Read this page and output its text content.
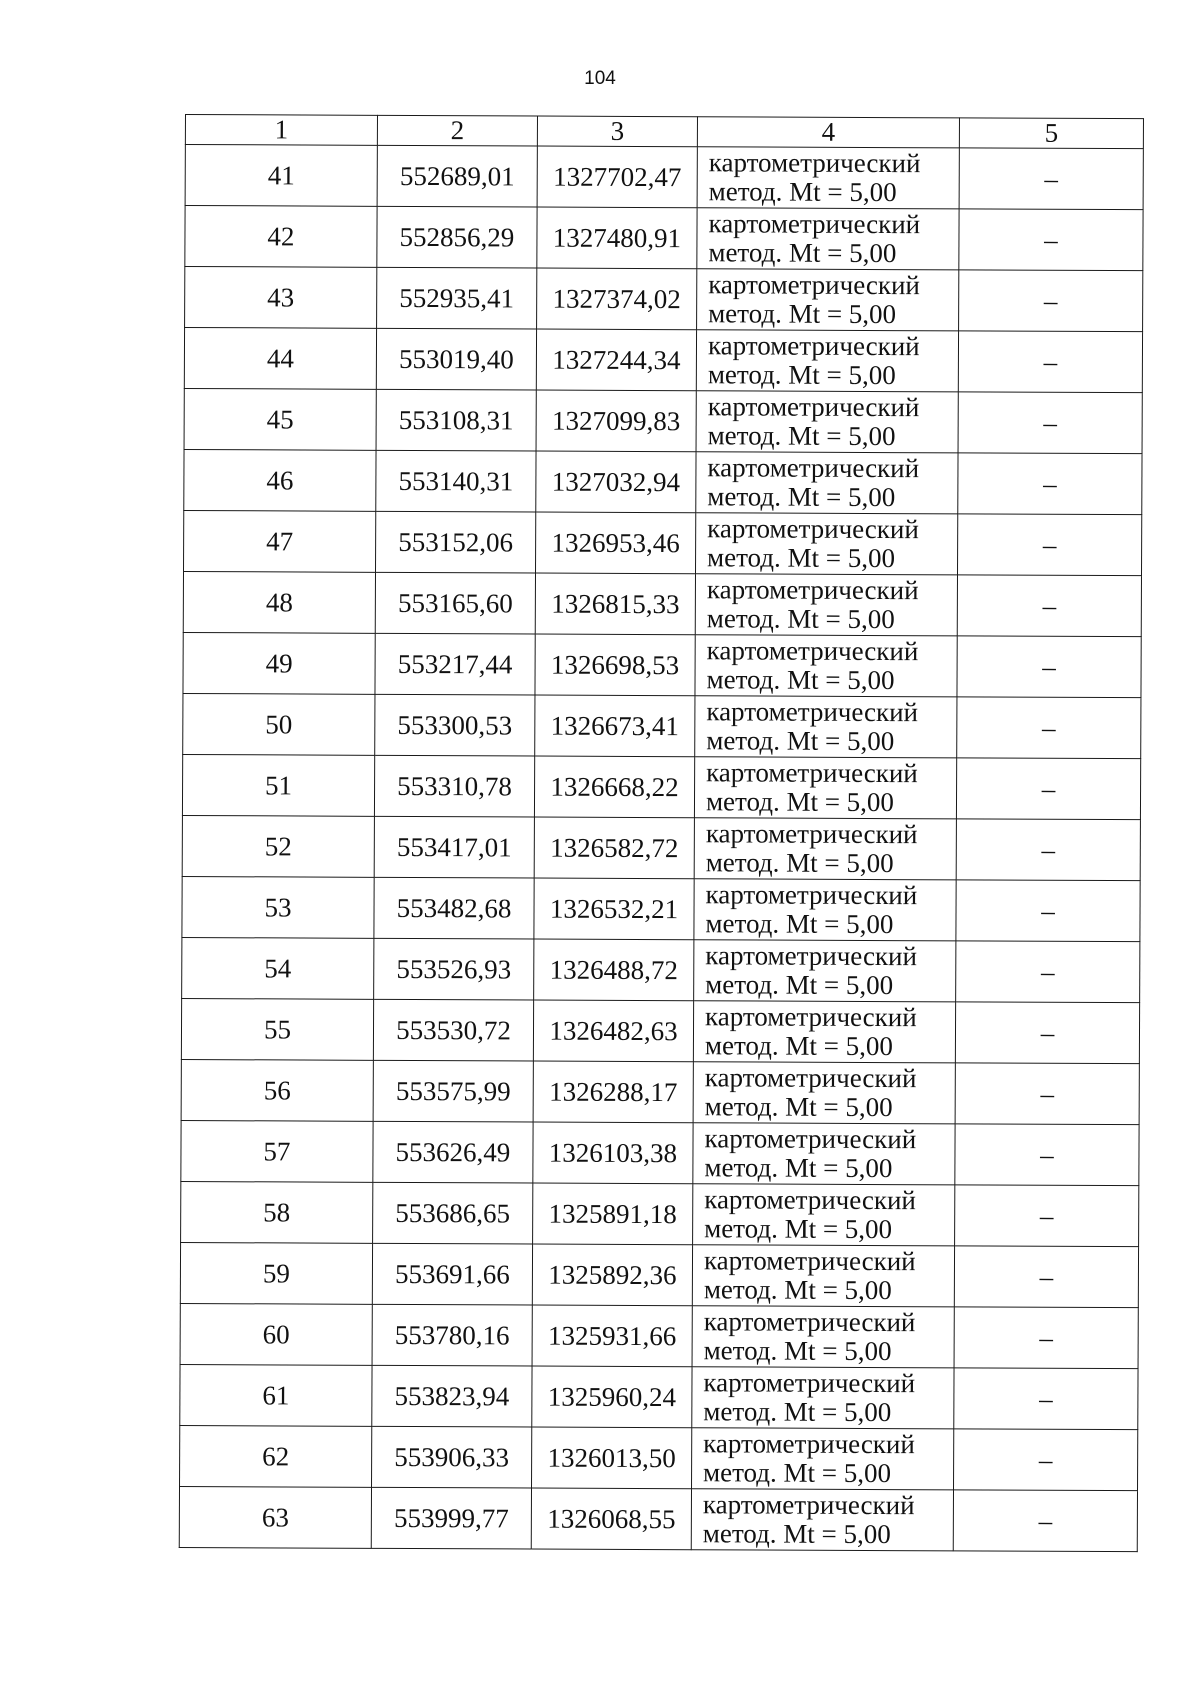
104
1	2	3	4	5
41	552689,01	1327702,47	картометрический
метод. Mt = 5,00	–
42	552856,29	1327480,91	картометрический
метод. Mt = 5,00	–
43	552935,41	1327374,02	картометрический
метод. Mt = 5,00	–
44	553019,40	1327244,34	картометрический
метод. Mt = 5,00	–
45	553108,31	1327099,83	картометрический
метод. Mt = 5,00	–
46	553140,31	1327032,94	картометрический
метод. Mt = 5,00	–
47	553152,06	1326953,46	картометрический
метод. Mt = 5,00	–
48	553165,60	1326815,33	картометрический
метод. Mt = 5,00	–
49	553217,44	1326698,53	картометрический
метод. Mt = 5,00	–
50	553300,53	1326673,41	картометрический
метод. Mt = 5,00	–
51	553310,78	1326668,22	картометрический
метод. Mt = 5,00	–
52	553417,01	1326582,72	картометрический
метод. Mt = 5,00	–
53	553482,68	1326532,21	картометрический
метод. Mt = 5,00	–
54	553526,93	1326488,72	картометрический
метод. Mt = 5,00	–
55	553530,72	1326482,63	картометрический
метод. Mt = 5,00	–
56	553575,99	1326288,17	картометрический
метод. Mt = 5,00	–
57	553626,49	1326103,38	картометрический
метод. Mt = 5,00	–
58	553686,65	1325891,18	картометрический
метод. Mt = 5,00	–
59	553691,66	1325892,36	картометрический
метод. Mt = 5,00	–
60	553780,16	1325931,66	картометрический
метод. Mt = 5,00	–
61	553823,94	1325960,24	картометрический
метод. Mt = 5,00	–
62	553906,33	1326013,50	картометрический
метод. Mt = 5,00	–
63	553999,77	1326068,55	картометрический
метод. Mt = 5,00	–
